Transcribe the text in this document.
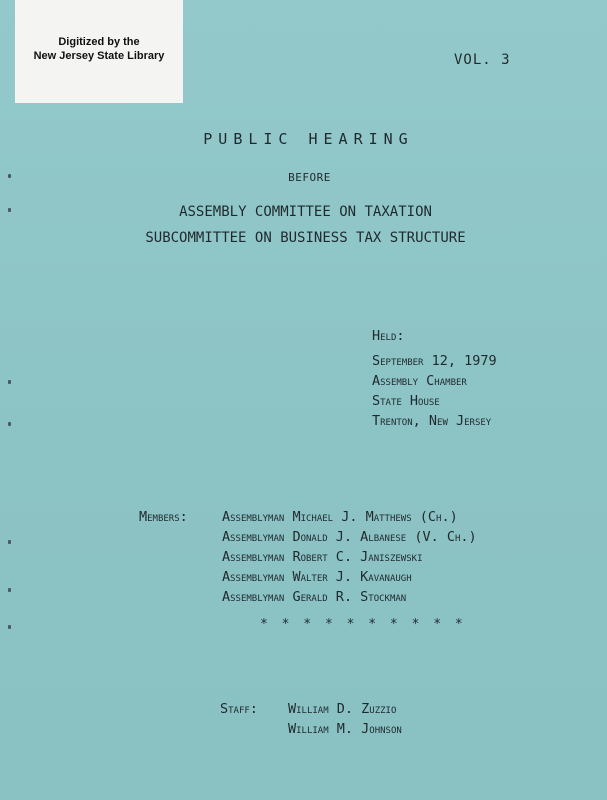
Digitized by the
New Jersey State Library	VOL. 3
PUBLIC HEARING
BEFORE
ASSEMBLY COMMITTEE ON TAXATION
SUBCOMMITTEE ON BUSINESS TAX STRUCTURE
Held:
September 12, 1979
Assembly Chamber
State House
Trenton, New Jersey
Members:	Assemblyman Michael J. Matthews (Ch.)
Assemblyman Donald J. Albanese (V. Ch.)
Assemblyman Robert C. Janiszewski
Assemblyman Walter J. Kavanaugh
Assemblyman Gerald R. Stockman
* * * * * * * * * *
Staff: William D. Zuzzio
William M. Johnson
